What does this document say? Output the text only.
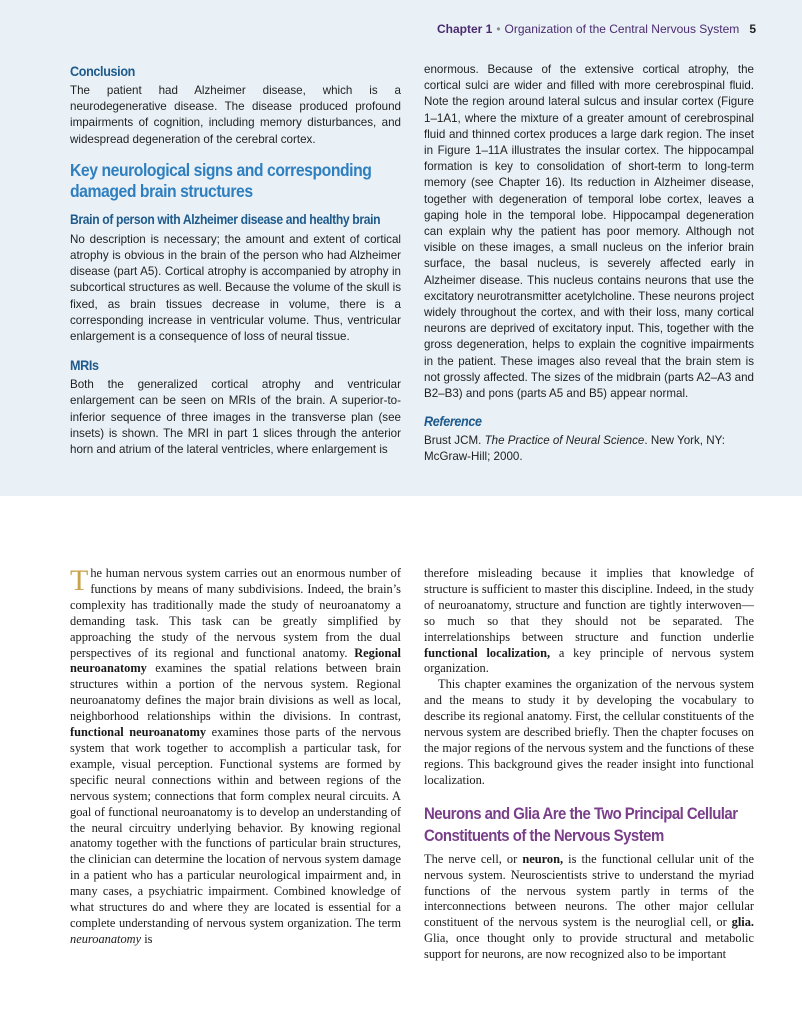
Chapter 1 • Organization of the Central Nervous System 5
Conclusion

The patient had Alzheimer disease, which is a neurodegenerative disease. The disease produced profound impairments of cognition, including memory disturbances, and widespread degeneration of the cerebral cortex.

Key neurological signs and corresponding damaged brain structures
Brain of person with Alzheimer disease and healthy brain

No description is necessary; the amount and extent of cortical atrophy is obvious in the brain of the person who had Alzheimer disease (part A5). Cortical atrophy is accompanied by atrophy in subcortical structures as well. Because the volume of the skull is fixed, as brain tissues decrease in volume, there is a corresponding increase in ventricular volume. Thus, ventricular enlargement is a consequence of loss of neural tissue.

MRIs

Both the generalized cortical atrophy and ventricular enlargement can be seen on MRIs of the brain. A superior-to-inferior sequence of three images in the transverse plan (see insets) is shown. The MRI in part 1 slices through the anterior horn and atrium of the lateral ventricles, where enlargement is

enormous. Because of the extensive cortical atrophy, the cortical sulci are wider and filled with more cerebrospinal fluid. Note the region around lateral sulcus and insular cortex (Figure 1–1A1, where the mixture of a greater amount of cerebrospinal fluid and thinned cortex produces a large dark region. The inset in Figure 1–11A illustrates the insular cortex. The hippocampal formation is key to consolidation of short-term to long-term memory (see Chapter 16). Its reduction in Alzheimer disease, together with degeneration of temporal lobe cortex, leaves a gaping hole in the temporal lobe. Hippocampal degeneration can explain why the patient has poor memory. Although not visible on these images, a small nucleus on the inferior brain surface, the basal nucleus, is severely affected early in Alzheimer disease. This nucleus contains neurons that use the excitatory neurotransmitter acetylcholine. These neurons project widely throughout the cortex, and with their loss, many cortical neurons are deprived of excitatory input. This, together with the gross degeneration, helps to explain the cognitive impairments in the patient. These images also reveal that the brain stem is not grossly affected. The sizes of the midbrain (parts A2–A3 and B2–B3) and pons (parts A5 and B5) appear normal.

Reference

Brust JCM. The Practice of Neural Science. New York, NY: McGraw-Hill; 2000.

The human nervous system carries out an enormous number of functions by means of many subdivisions. Indeed, the brain’s complexity has traditionally made the study of neuroanatomy a demanding task. This task can be greatly simplified by approaching the study of the nervous system from the dual perspectives of its regional and functional anatomy. Regional neuroanatomy examines the spatial relations between brain structures within a portion of the nervous system. Regional neuroanatomy defines the major brain divisions as well as local, neighborhood relationships within the divisions. In contrast, functional neuroanatomy examines those parts of the nervous system that work together to accomplish a particular task, for example, visual perception. Functional systems are formed by specific neural connections within and between regions of the nervous system; connections that form complex neural circuits. A goal of functional neuroanatomy is to develop an understanding of the neural circuitry underlying behavior. By knowing regional anatomy together with the functions of particular brain structures, the clinician can determine the location of nervous system damage in a patient who has a particular neurological impairment and, in many cases, a psychiatric impairment. Combined knowledge of what structures do and where they are located is essential for a complete understanding of nervous system organization. The term neuroanatomy is

therefore misleading because it implies that knowledge of structure is sufficient to master this discipline. Indeed, in the study of neuroanatomy, structure and function are tightly interwoven—so much so that they should not be separated. The interrelationships between structure and function underlie functional localization, a key principle of nervous system organization.

This chapter examines the organization of the nervous system and the means to study it by developing the vocabulary to describe its regional anatomy. First, the cellular constituents of the nervous system are described briefly. Then the chapter focuses on the major regions of the nervous system and the functions of these regions. This background gives the reader insight into functional localization.

Neurons and Glia Are the Two Principal Cellular
Constituents of the Nervous System

The nerve cell, or neuron, is the functional cellular unit of the nervous system. Neuroscientists strive to understand the myriad functions of the nervous system partly in terms of the interconnections between neurons. The other major cellular constituent of the nervous system is the neuroglial cell, or glia. Glia, once thought only to provide structural and metabolic support for neurons, are now recognized also to be important
